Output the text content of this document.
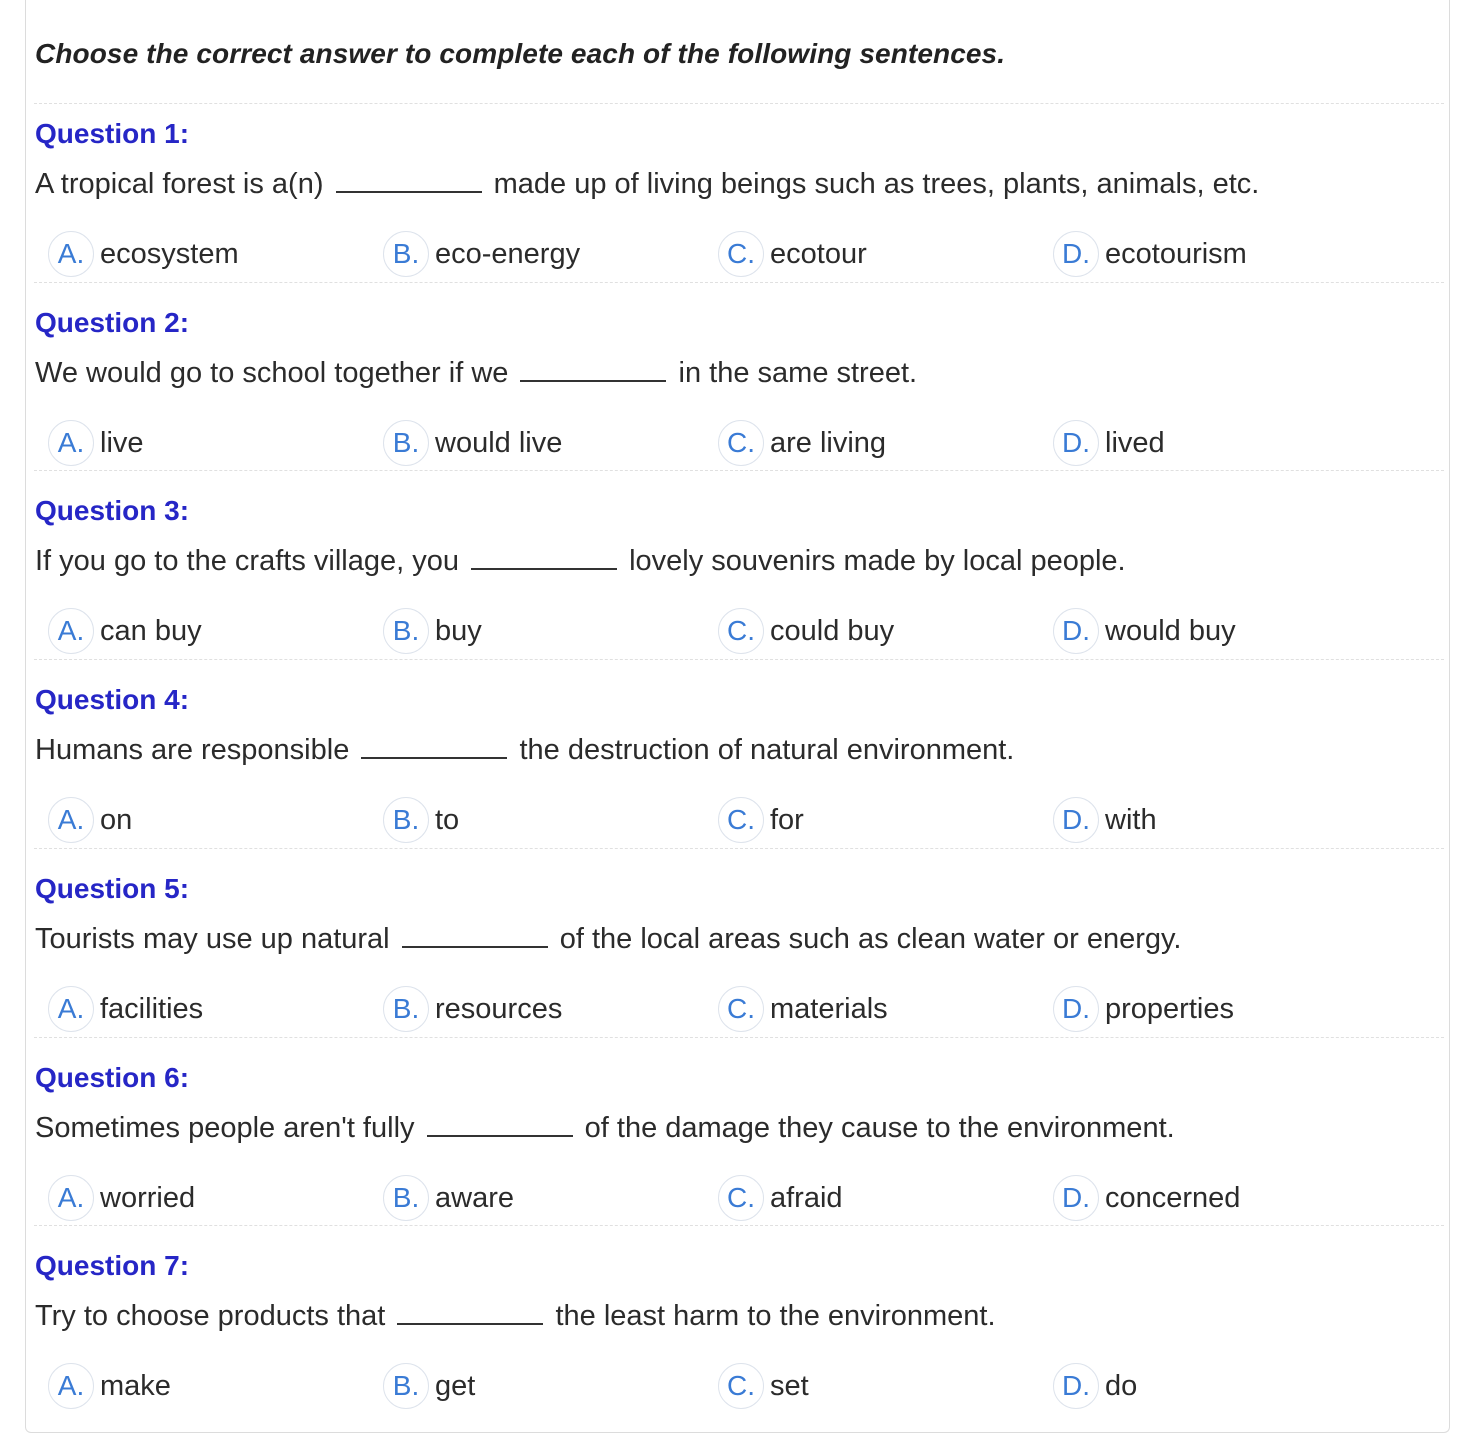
Choose the correct answer to complete each of the following sentences.
Question 1:
A tropical forest is a(n)	made up of living beings such as trees, plants, animals, etc.
A. ecosystem	B. eco-energy	C. ecotour	D. ecotourism
Question 2:
We would go to school together if we	in the same street.
A. live	B. would live	C. are living	D. lived
Question 3:
If you go to the crafts village, you	lovely souvenirs made by local people.
A. can buy	B. buy	C. could buy	D. would buy
Question 4:
Humans are responsible	the destruction of natural environment.
A. on	B. to	C. for	D. with
Question 5:
Tourists may use up natural	of the local areas such as clean water or energy.
A. facilities	B. resources	C. materials	D. properties
Question 6:
Sometimes people aren't fully	of the damage they cause to the environment.
A. worried	B. aware	C. afraid	D. concerned
Question 7:
Try to choose products that	the least harm to the environment.
A. make	B. get	C. set	D. do
